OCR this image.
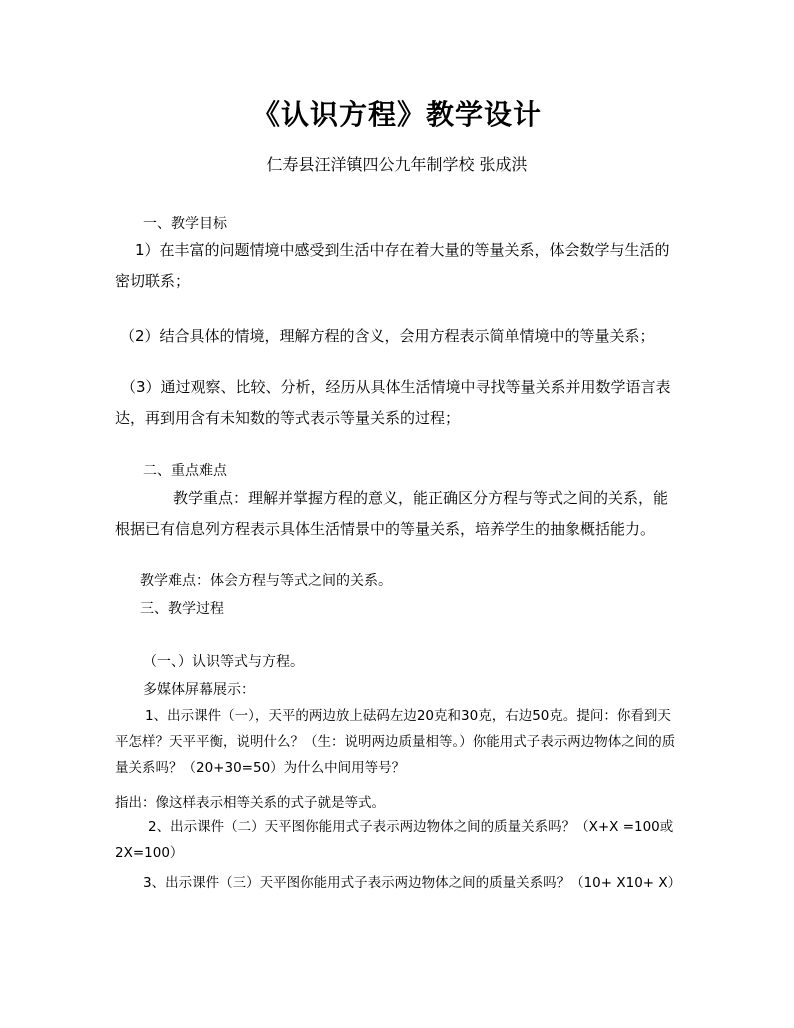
《认识方程》教学设计
仁寿县汪洋镇四公九年制学校 张成洪
一、教学目标
1）在丰富的问题情境中感受到生活中存在着大量的等量关系，体会数学与生活的密切联系；
（2）结合具体的情境，理解方程的含义，会用方程表示简单情境中的等量关系；
（3）通过观察、比较、分析，经历从具体生活情境中寻找等量关系并用数学语言表达，再到用含有未知数的等式表示等量关系的过程；
二、重点难点
教学重点：理解并掌握方程的意义，能正确区分方程与等式之间的关系，能根据已有信息列方程表示具体生活情景中的等量关系，培养学生的抽象概括能力。
教学难点：体会方程与等式之间的关系。
三、教学过程
（一、）认识等式与方程。
多媒体屏幕展示：
1、出示课件（一），天平的两边放上砝码左边20克和30克，右边50克。提问：你看到天平怎样？天平平衡，说明什么？（生：说明两边质量相等。）你能用式子表示两边物体之间的质量关系吗？（20+30=50）为什么中间用等号？
指出：像这样表示相等关系的式子就是等式。
2、出示课件（二）天平图你能用式子表示两边物体之间的质量关系吗？（X+X =100或2X=100）
3、出示课件（三）天平图你能用式子表示两边物体之间的质量关系吗？（10+ X10+ X）
